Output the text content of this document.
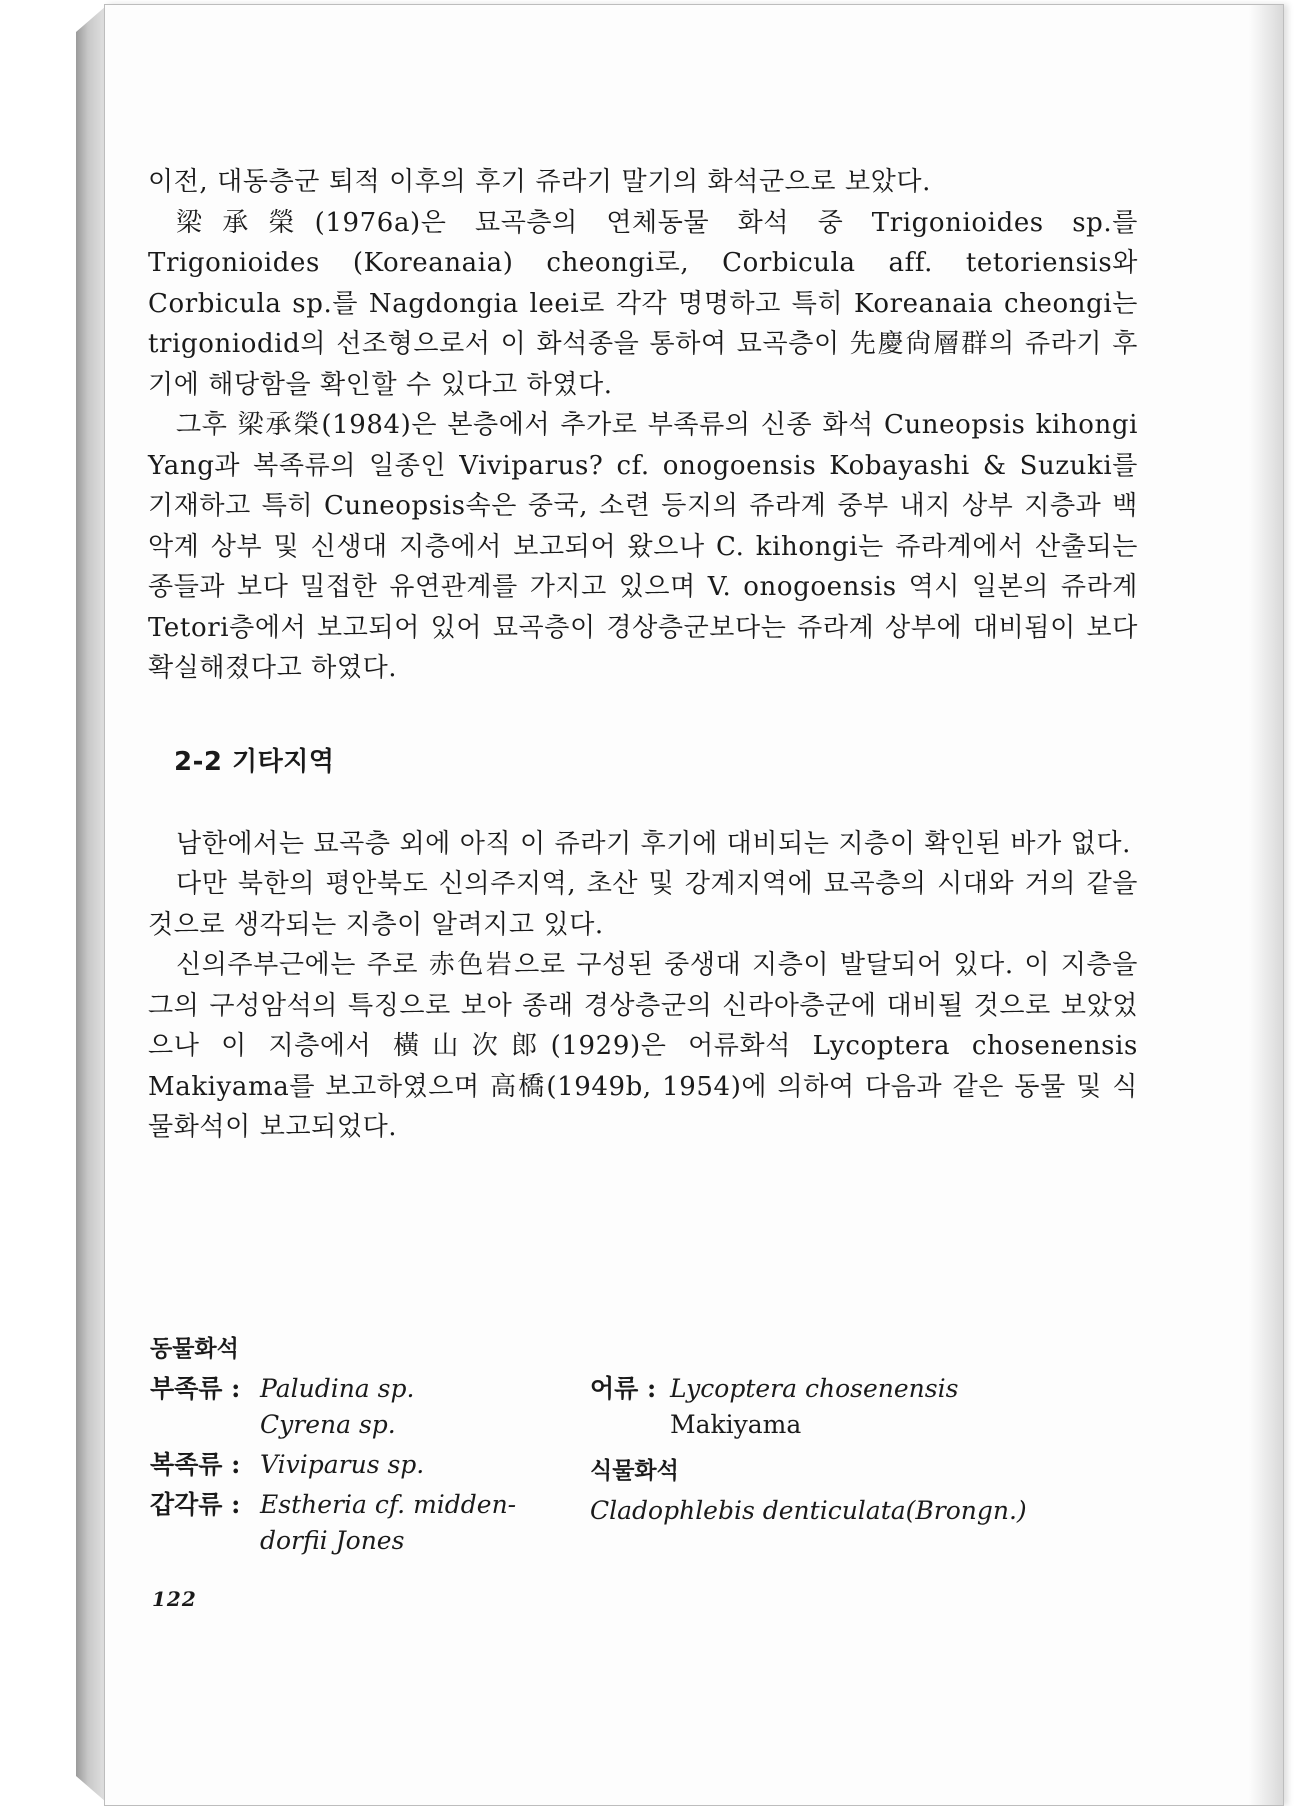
이전, 대동층군 퇴적 이후의 후기 쥬라기 말기의 화석군으로 보았다.

梁承榮(1976a)은 묘곡층의 연체동물 화석 중 Trigonioides sp.를 Trigonioides (Koreanaia) cheongi로, Corbicula aff. tetoriensis와 Corbicula sp.를 Nagdongia leei로 각각 명명하고 특히 Koreanaia cheongi는 trigoniodid의 선조형으로서 이 화석종을 통하여 묘곡층이 先慶尙層群의 쥬라기 후기에 해당함을 확인할 수 있다고 하였다.

그후 梁承榮(1984)은 본층에서 추가로 부족류의 신종 화석 Cuneopsis kihongi Yang과 복족류의 일종인 Viviparus? cf. onogoensis Kobayashi & Suzuki를 기재하고 특히 Cuneopsis속은 중국, 소련 등지의 쥬라계 중부 내지 상부 지층과 백악계 상부 및 신생대 지층에서 보고되어 왔으나 C. kihongi는 쥬라계에서 산출되는 종들과 보다 밀접한 유연관계를 가지고 있으며 V. onogoensis 역시 일본의 쥬라계 Tetori층에서 보고되어 있어 묘곡층이 경상층군보다는 쥬라계 상부에 대비됨이 보다 확실해졌다고 하였다.

2-2 기타지역

남한에서는 묘곡층 외에 아직 이 쥬라기 후기에 대비되는 지층이 확인된 바가 없다.

다만 북한의 평안북도 신의주지역, 초산 및 강계지역에 묘곡층의 시대와 거의 같을 것으로 생각되는 지층이 알려지고 있다.

신의주부근에는 주로 赤色岩으로 구성된 중생대 지층이 발달되어 있다. 이 지층을 그의 구성암석의 특징으로 보아 종래 경상층군의 신라아층군에 대비될 것으로 보았었으나 이 지층에서 橫山次郎(1929)은 어류화석 Lycoptera chosenensis Makiyama를 보고하였으며 高橋(1949b, 1954)에 의하여 다음과 같은 동물 및 식물화석이 보고되었다.

동물화석
부족류 : Paludina sp.
Cyrena sp.
복족류 : Viviparus sp.
갑각류 : Estheria cf. midden-
dorfii Jones
어류 : Lycoptera chosenensis
Makiyama
식물화석
Cladophlebis denticulata(Brongn.)
122
